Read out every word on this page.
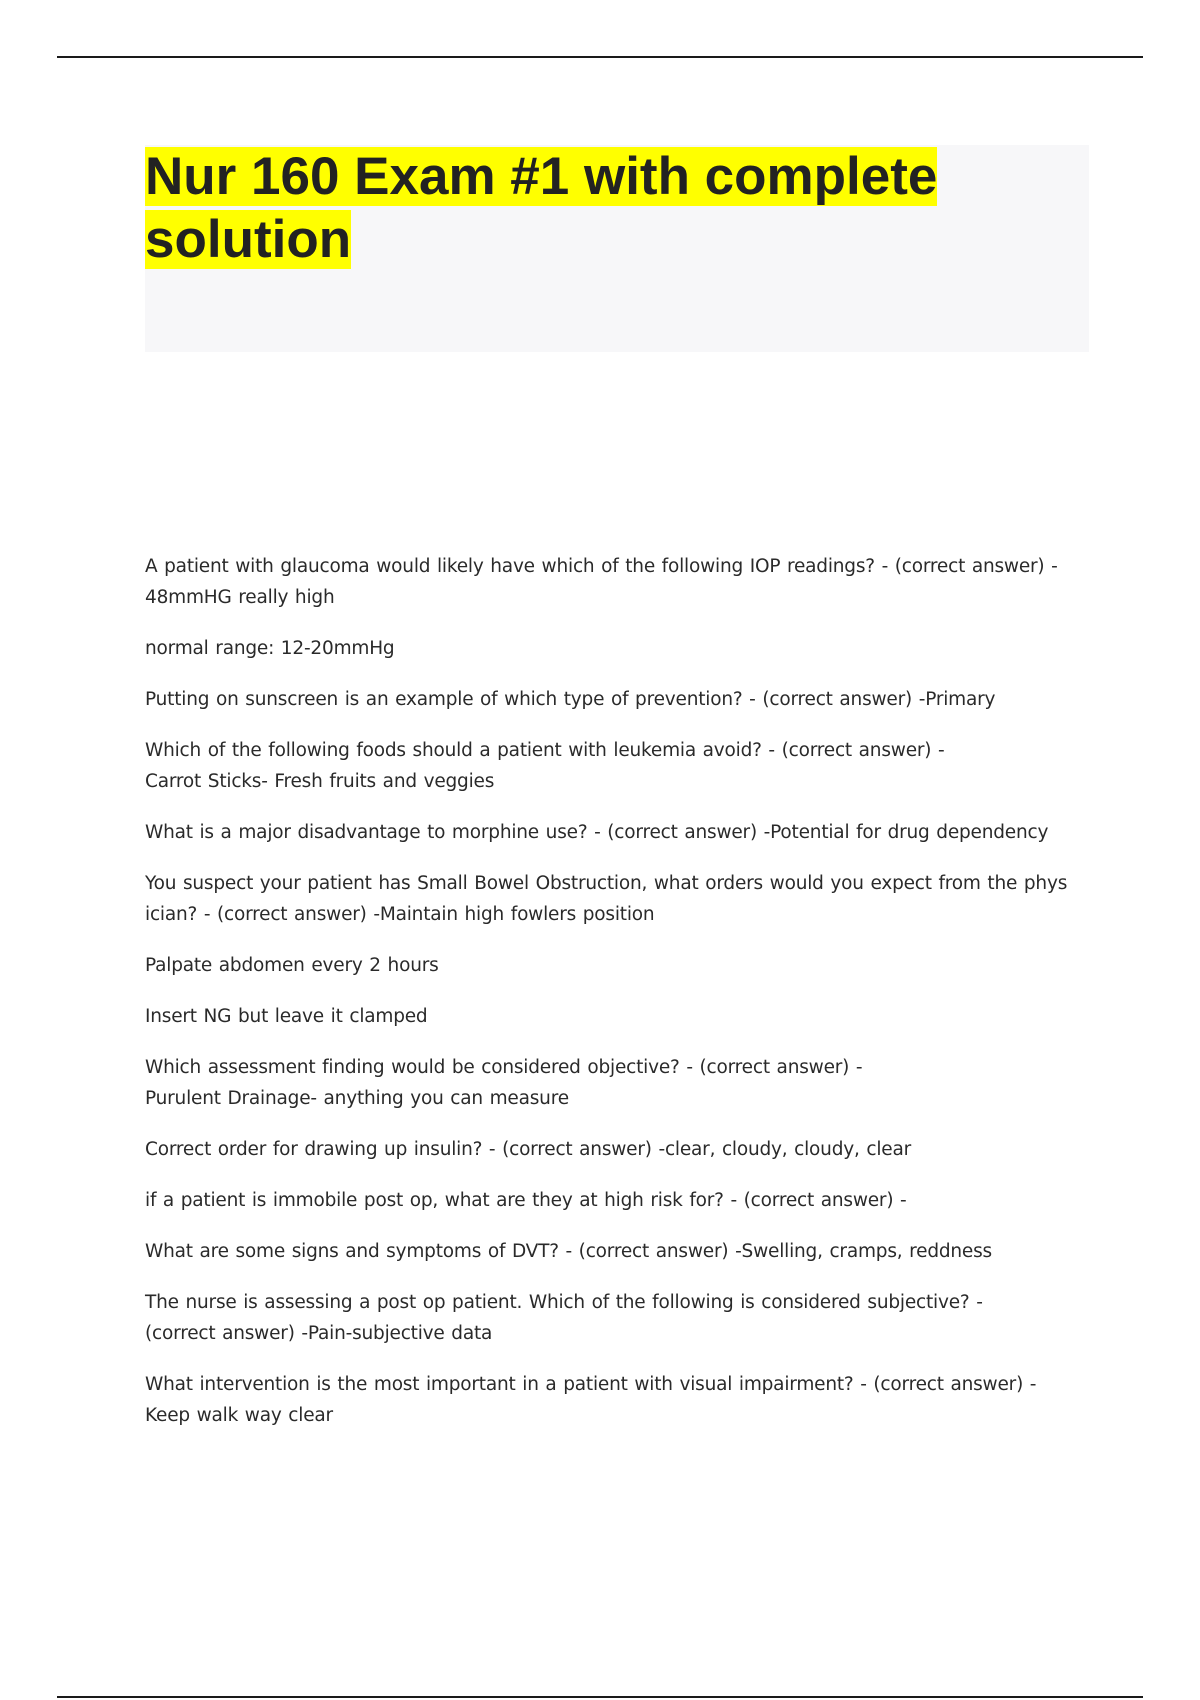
Nur 160 Exam #1 with complete solution

A patient with glaucoma would likely have which of the following IOP readings? - (correct answer) -
48mmHG really high

normal range: 12-20mmHg

Putting on sunscreen is an example of which type of prevention? - (correct answer) -Primary

Which of the following foods should a patient with leukemia avoid? - (correct answer) -
Carrot Sticks- Fresh fruits and veggies

What is a major disadvantage to morphine use? - (correct answer) -Potential for drug dependency

You suspect your patient has Small Bowel Obstruction, what orders would you expect from the phys
ician? - (correct answer) -Maintain high fowlers position

Palpate abdomen every 2 hours

Insert NG but leave it clamped

Which assessment finding would be considered objective? - (correct answer) -
Purulent Drainage- anything you can measure

Correct order for drawing up insulin? - (correct answer) -clear, cloudy, cloudy, clear

if a patient is immobile post op, what are they at high risk for? - (correct answer) -

What are some signs and symptoms of DVT? - (correct answer) -Swelling, cramps, reddness

The nurse is assessing a post op patient. Which of the following is considered subjective? -
(correct answer) -Pain-subjective data

What intervention is the most important in a patient with visual impairment? - (correct answer) -
Keep walk way clear
